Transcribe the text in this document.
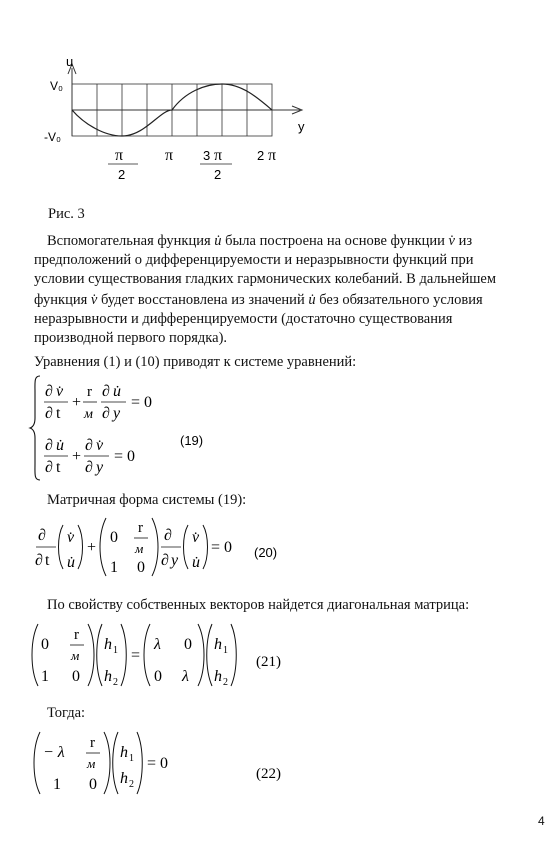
u
V₀
-V₀
y
π
2
π 3 π
2
2 π
Рис. 3
Вспомогательная функция u̇ была построена на основе функции v̇ из
предположений о дифференцируемости и неразрывности функций при
условии существования гладких гармонических колебаний. В дальнейшем
функция v̇ будет восстановлена из значений u̇ без обязательного условия
неразрывности и дифференцируемости (достаточно существования
производной первого порядка).
Уравнения (1) и (10) приводят к системе уравнений:
∂ v̇
∂ t
+
r
м
∂ u̇
∂ y
= 0
∂ u̇
∂ t
+
∂ v̇
∂ y
= 0
(19)
Матричная форма системы (19):
∂
∂ t
v̇
u̇
+
0
r
м
1 0
∂
∂ y
v̇
u̇
= 0 (20)
По свойству собственных векторов найдется диагональная матрица:
0
r
м
1 0
h 1
h 2
=
λ 0
0 λ
h 1
h 2
(21)
Тогда:
− λ
r
м
1 0
h 1
h 2
= 0
(22)
4
